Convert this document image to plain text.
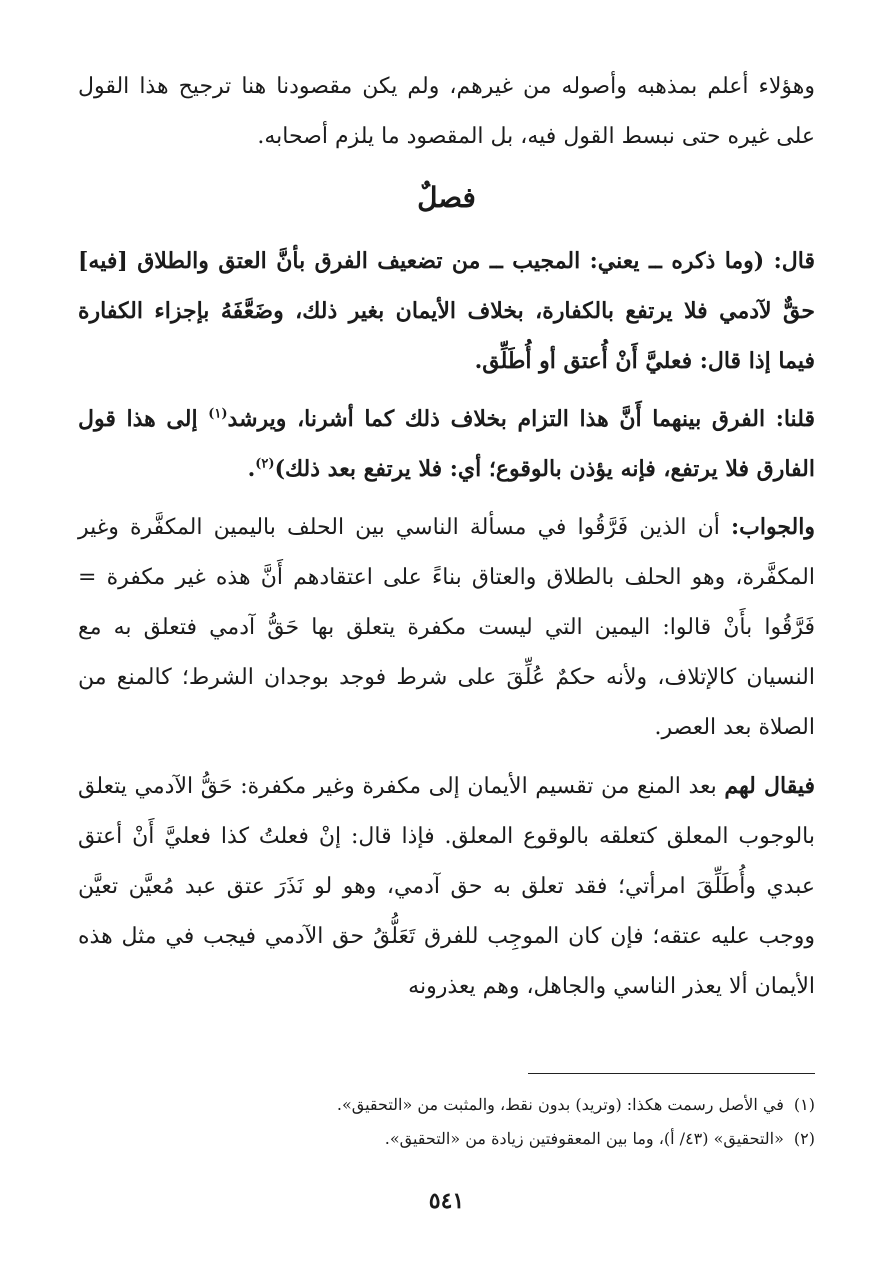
وهؤلاء أعلم بمذهبه وأصوله من غيرهم، ولم يكن مقصودنا هنا ترجيح هذا القول على غيره حتى نبسط القول فيه، بل المقصود ما يلزم أصحابه.

فصلٌ

قال: (وما ذكره ــ يعني: المجيب ــ من تضعيف الفرق بأنَّ العتق والطلاق [فيه] حقٌّ لآدمي فلا يرتفع بالكفارة، بخلاف الأيمان بغير ذلك، وضَعَّفَهُ بإجزاء الكفارة فيما إذا قال: فعليَّ أَنْ أُعتق أو أُطَلِّق.

قلنا: الفرق بينهما أَنَّ هذا التزام بخلاف ذلك كما أشرنا، ويرشد$^{(١)}$ إلى هذا قول الفارق فلا يرتفع، فإنه يؤذن بالوقوع؛ أي: فلا يرتفع بعد ذلك)$^{(٢)}$.

والجواب: أن الذين فَرَّقُوا في مسألة الناسي بين الحلف باليمين المكفَّرة وغير المكفَّرة، وهو الحلف بالطلاق والعتاق بناءً على اعتقادهم أَنَّ هذه غير مكفرة = فَرَّقُوا بأَنْ قالوا: اليمين التي ليست مكفرة يتعلق بها حَقُّ آدمي فتعلق به مع النسيان كالإتلاف، ولأنه حكمٌ عُلِّقَ على شرط فوجد بوجدان الشرط؛ كالمنع من الصلاة بعد العصر.

فيقال لهم بعد المنع من تقسيم الأيمان إلى مكفرة وغير مكفرة: حَقُّ الآدمي يتعلق بالوجوب المعلق كتعلقه بالوقوع المعلق. فإذا قال: إنْ فعلتُ كذا فعليَّ أَنْ أعتق عبدي وأُطَلِّقَ امرأتي؛ فقد تعلق به حق آدمي، وهو لو نَذَرَ عتق عبد مُعيَّن تعيَّن ووجب عليه عتقه؛ فإن كان الموجِب للفرق تَعَلُّقُ حق الآدمي فيجب في مثل هذه الأيمان ألا يعذر الناسي والجاهل، وهم يعذرونه

(١)في الأصل رسمت هكذا: (وتريد) بدون نقط، والمثبت من «التحقيق».

(٢)«التحقيق» (٤٣/ أ)، وما بين المعقوفتين زيادة من «التحقيق».

٥٤١
